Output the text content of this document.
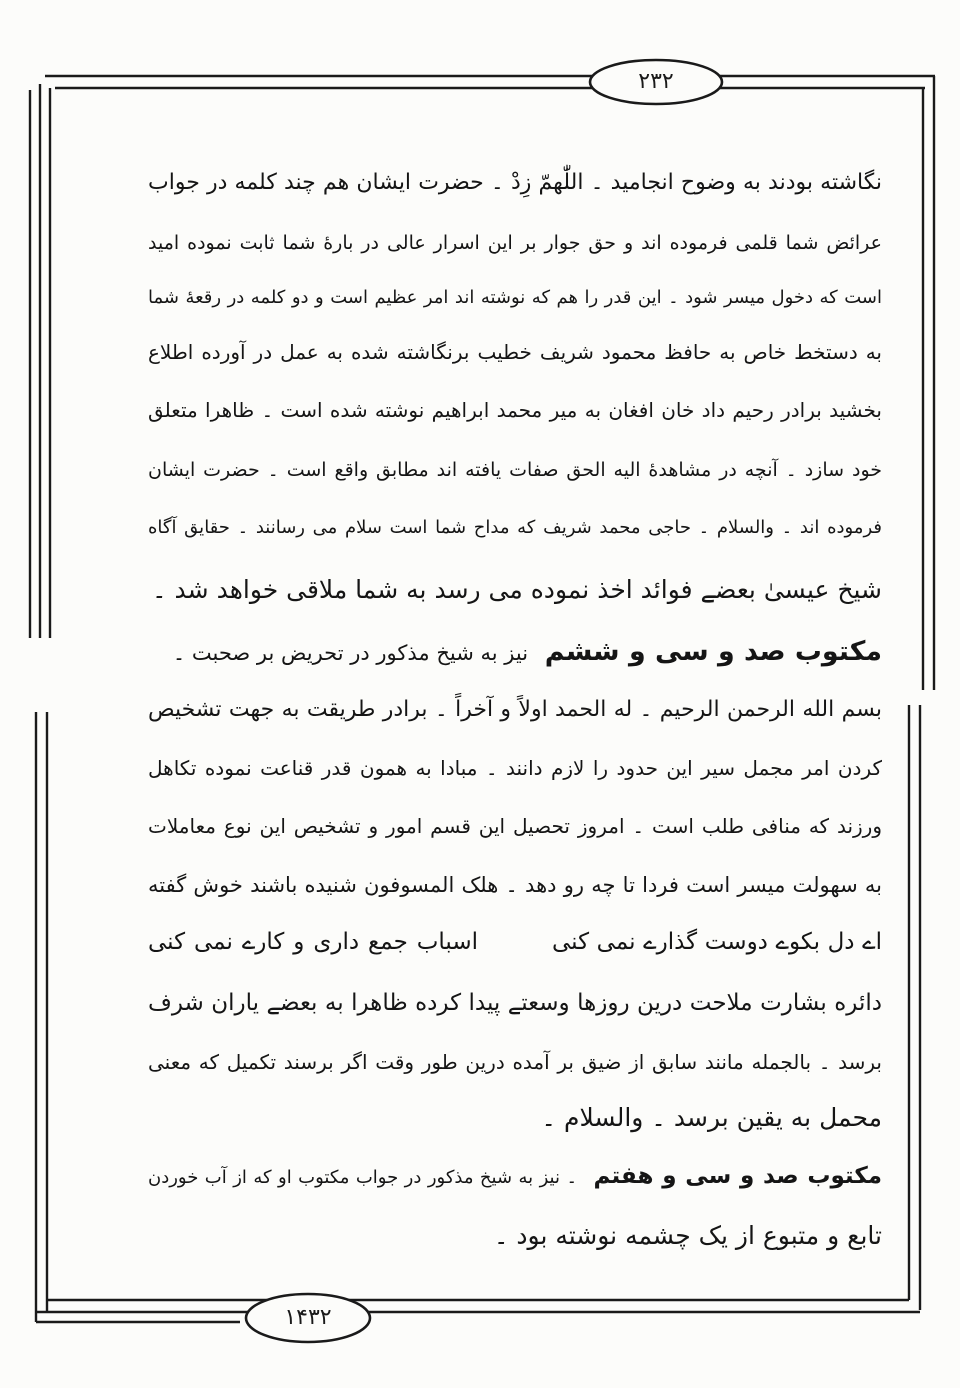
۲۳۲
۱۴۳۲
نگاشته بودند به وضوح انجامید ۔ اللّٰهمّ زِدْ ۔ حضرت ایشان هم چند کلمه در جواب
عرائض شما قلمی فرموده اند و حق جوار بر این اسرار عالی در بارهٔ شما ثابت نموده امید
است که دخول میسر شود ۔ این قدر را هم که نوشته اند امر عظیم است و دو کلمه در رقعهٔ شما
به دستخط خاص به حافظ محمود شریف خطیب برنگاشته شده به عمل در آورده اطلاع
بخشید برادر رحیم داد خان افغان به میر محمد ابراهیم نوشته شده است ۔ ظاهرا متعلق
خود سازد ۔ آنچه در مشاهدهٔ الیه الحق صفات یافته اند مطابق واقع است ۔ حضرت ایشان
فرموده اند ۔ والسلام ۔ حاجی محمد شریف که مداح شما است سلام می رسانند ۔ حقایق آگاه
شیخ عیسیٰ بعضے فوائد اخذ نموده می رسد به شما ملاقی خواهد شد ۔
مکتوب صد و سی و ششم نیز به شیخ مذکور در تحریض بر صحبت ۔
بسم الله الرحمن الرحیم ۔ له الحمد اولاً و آخراً ۔ برادر طریقت به جهت تشخیص
کردن امر مجمل سیر این حدود را لازم دانند ۔ مبادا به همون قدر قناعت نموده تکاهل
ورزند که منافی طلب است ۔ امروز تحصیل این قسم امور و تشخیص این نوع معاملات
به سهولت میسر است فردا تا چه رو دهد ۔ هلک المسوفون شنیده باشند خوش گفته
اے دل بکوے دوست گذارے نمی کنی
اسباب جمع داری و کارے نمی کنی
دائره بشارت ملاحت درین روزها وسعتے پیدا کرده ظاهرا به بعضے یاران شرف
برسد ۔ بالجمله مانند سابق از ضیق بر آمده درین طور وقت اگر برسند تکمیل که معنی
محمل به یقین برسد ۔ والسلام ۔
مکتوب صد و سی و هفتم ۔ نیز به شیخ مذکور در جواب مکتوب او که از آب خوردن
تابع و متبوع از یک چشمه نوشته بود ۔
